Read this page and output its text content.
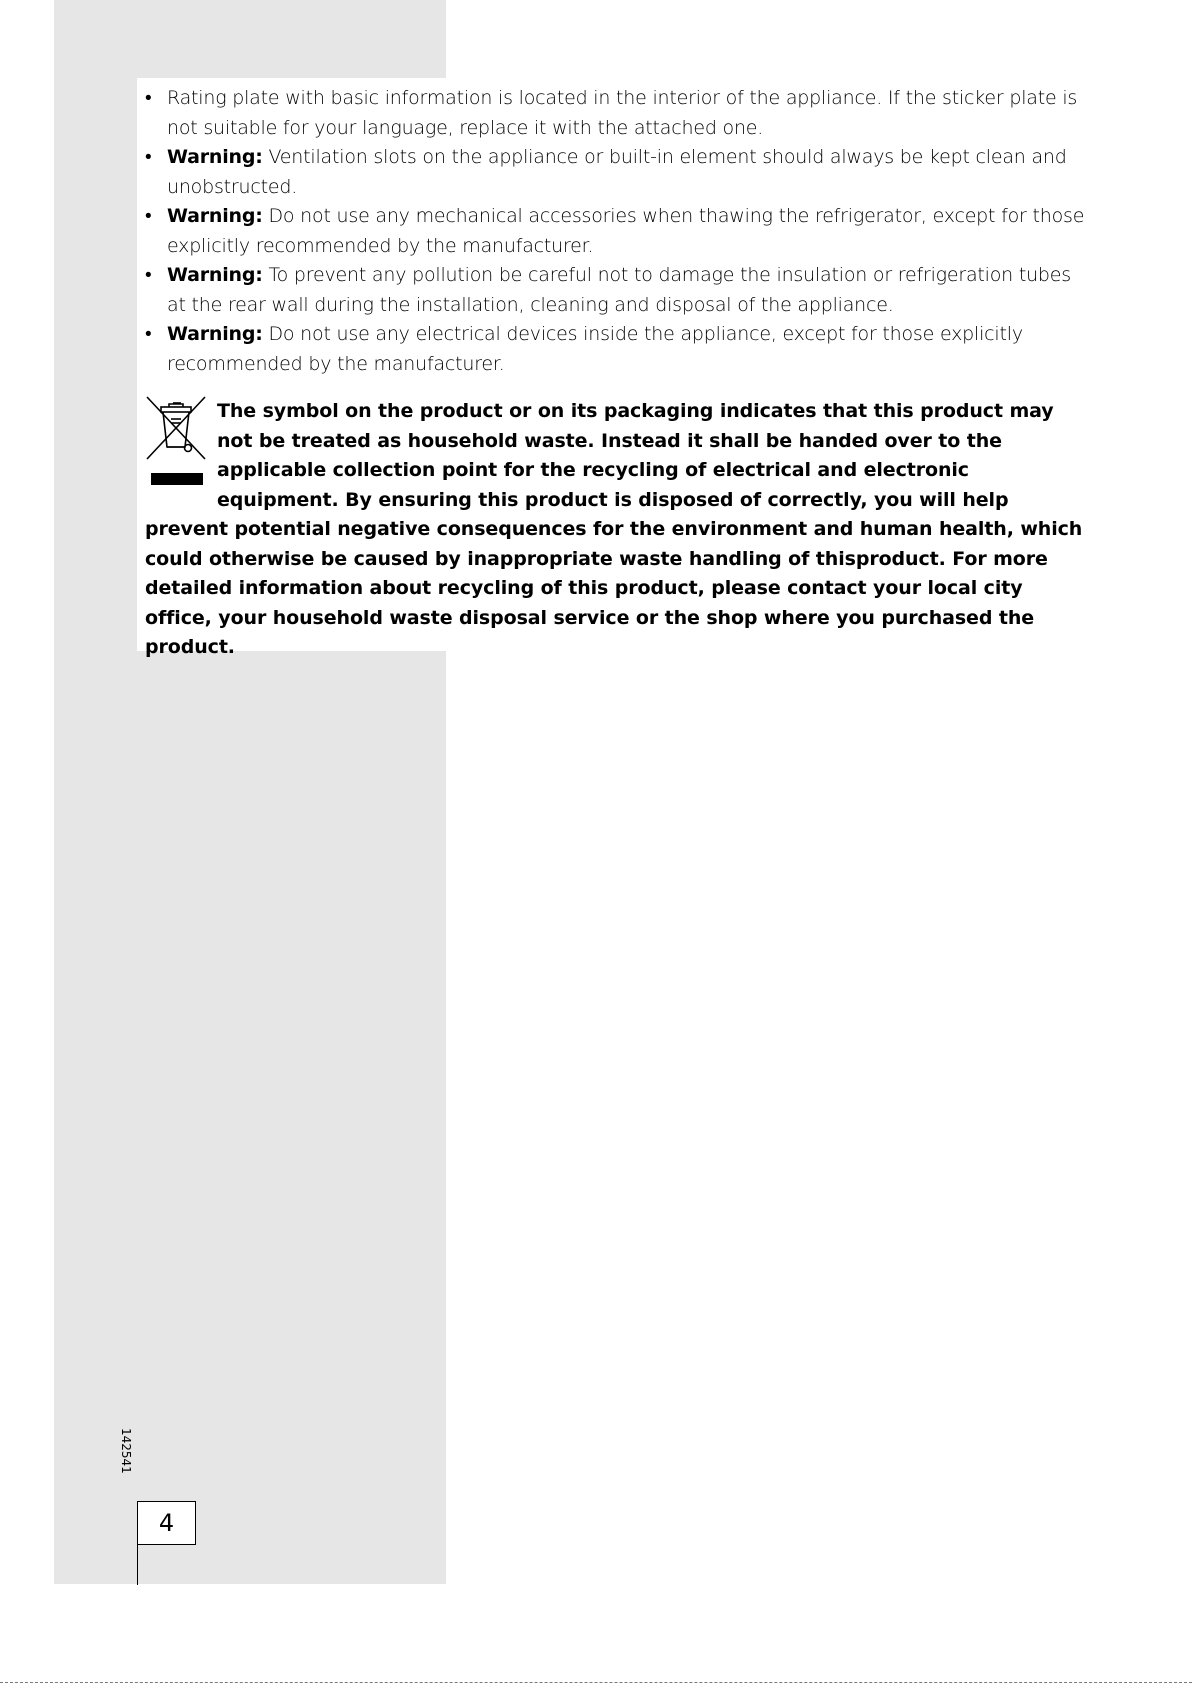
• Rating plate with basic information is located in the interior of the appliance. If the sticker plate is not suitable for your language, replace it with the attached one.
• Warning: Ventilation slots on the appliance or built-in element should always be kept clean and unobstructed.
• Warning: Do not use any mechanical accessories when thawing the refrigerator, except for those explicitly recommended by the manufacturer.
• Warning: To prevent any pollution be careful not to damage the insulation or refrigeration tubes at the rear wall during the installation, cleaning and disposal of the appliance.
• Warning: Do not use any electrical devices inside the appliance, except for those explicitly recommended by the manufacturer.
The symbol on the product or on its packaging indicates that this product may not be treated as household waste. Instead it shall be handed over to the applicable collection point for the recycling of electrical and electronic equipment. By ensuring this product is disposed of correctly, you will help prevent potential negative consequences for the environment and human health, which could otherwise be caused by inappropriate waste handling of thisproduct. For more detailed information about recycling of this product, please contact your local city office, your household waste disposal service or the shop where you purchased the product.
142541
4
